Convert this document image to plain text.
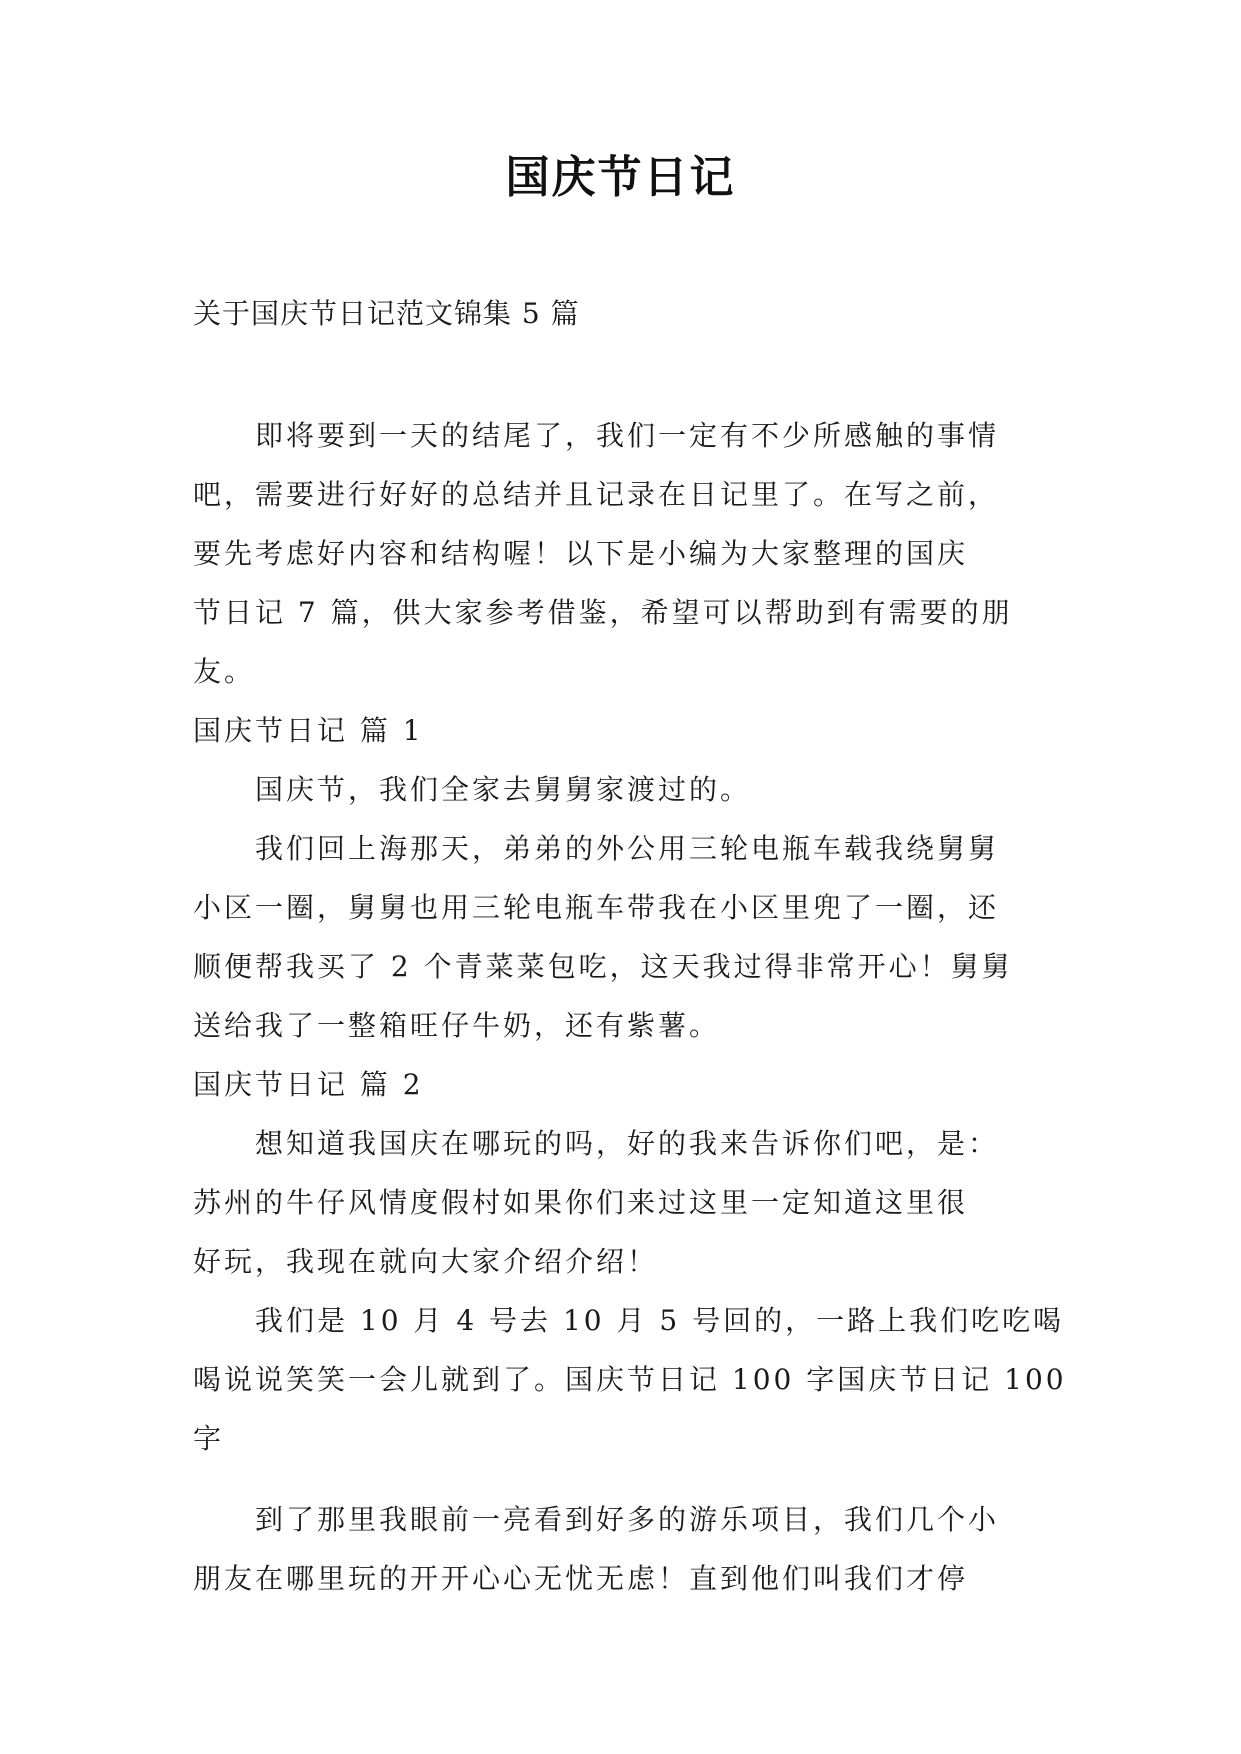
国庆节日记
关于国庆节日记范文锦集 5 篇

　　即将要到一天的结尾了，我们一定有不少所感触的事情

吧，需要进行好好的总结并且记录在日记里了。在写之前，

要先考虑好内容和结构喔！以下是小编为大家整理的国庆

节日记 7 篇，供大家参考借鉴，希望可以帮助到有需要的朋

友。

国庆节日记 篇 1

　　国庆节，我们全家去舅舅家渡过的。

　　我们回上海那天，弟弟的外公用三轮电瓶车载我绕舅舅

小区一圈，舅舅也用三轮电瓶车带我在小区里兜了一圈，还

顺便帮我买了 2 个青菜菜包吃，这天我过得非常开心！舅舅

送给我了一整箱旺仔牛奶，还有紫薯。

国庆节日记 篇 2

　　想知道我国庆在哪玩的吗，好的我来告诉你们吧，是：

苏州的牛仔风情度假村如果你们来过这里一定知道这里很

好玩，我现在就向大家介绍介绍！

　　我们是 10 月 4 号去 10 月 5 号回的，一路上我们吃吃喝

喝说说笑笑一会儿就到了。国庆节日记 100 字国庆节日记 100

字

　　到了那里我眼前一亮看到好多的游乐项目，我们几个小

朋友在哪里玩的开开心心无忧无虑！直到他们叫我们才停
